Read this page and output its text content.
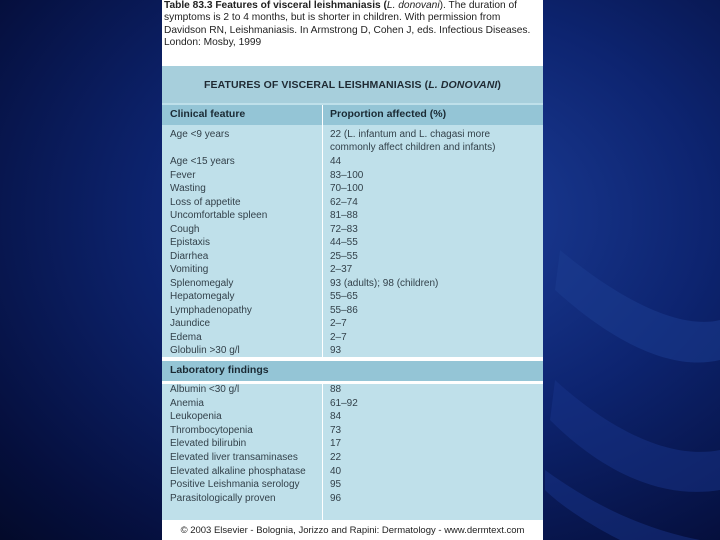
Table 83.3 Features of visceral leishmaniasis (L. donovani). The duration of symptoms is 2 to 4 months, but is shorter in children. With permission from Davidson RN, Leishmaniasis. In Armstrong D, Cohen J, eds. Infectious Diseases. London: Mosby, 1999
FEATURES OF VISCERAL LEISHMANIASIS ( L. DONOVANI )
Clinical feature	Proportion affected (%)
Age <9 years	22 (L. infantum and L. chagasi more commonly affect children and infants)
Age <15 years	44
Fever	83–100
Wasting	70–100
Loss of appetite	62–74
Uncomfortable spleen	81–88
Cough	72–83
Epistaxis	44–55
Diarrhea	25–55
Vomiting	2–37
Splenomegaly	93 (adults); 98 (children)
Hepatomegaly	55–65
Lymphadenopathy	55–86
Jaundice	2–7
Edema	2–7
Globulin >30 g/l	93
Laboratory findings
Albumin <30 g/l	88
Anemia	61–92
Leukopenia	84
Thrombocytopenia	73
Elevated bilirubin	17
Elevated liver transaminases	22
Elevated alkaline phosphatase 40
Positive Leishmania serology	95
Parasitologically proven	96
© 2003 Elsevier - Bolognia, Jorizzo and Rapini: Dermatology - www.dermtext.com
